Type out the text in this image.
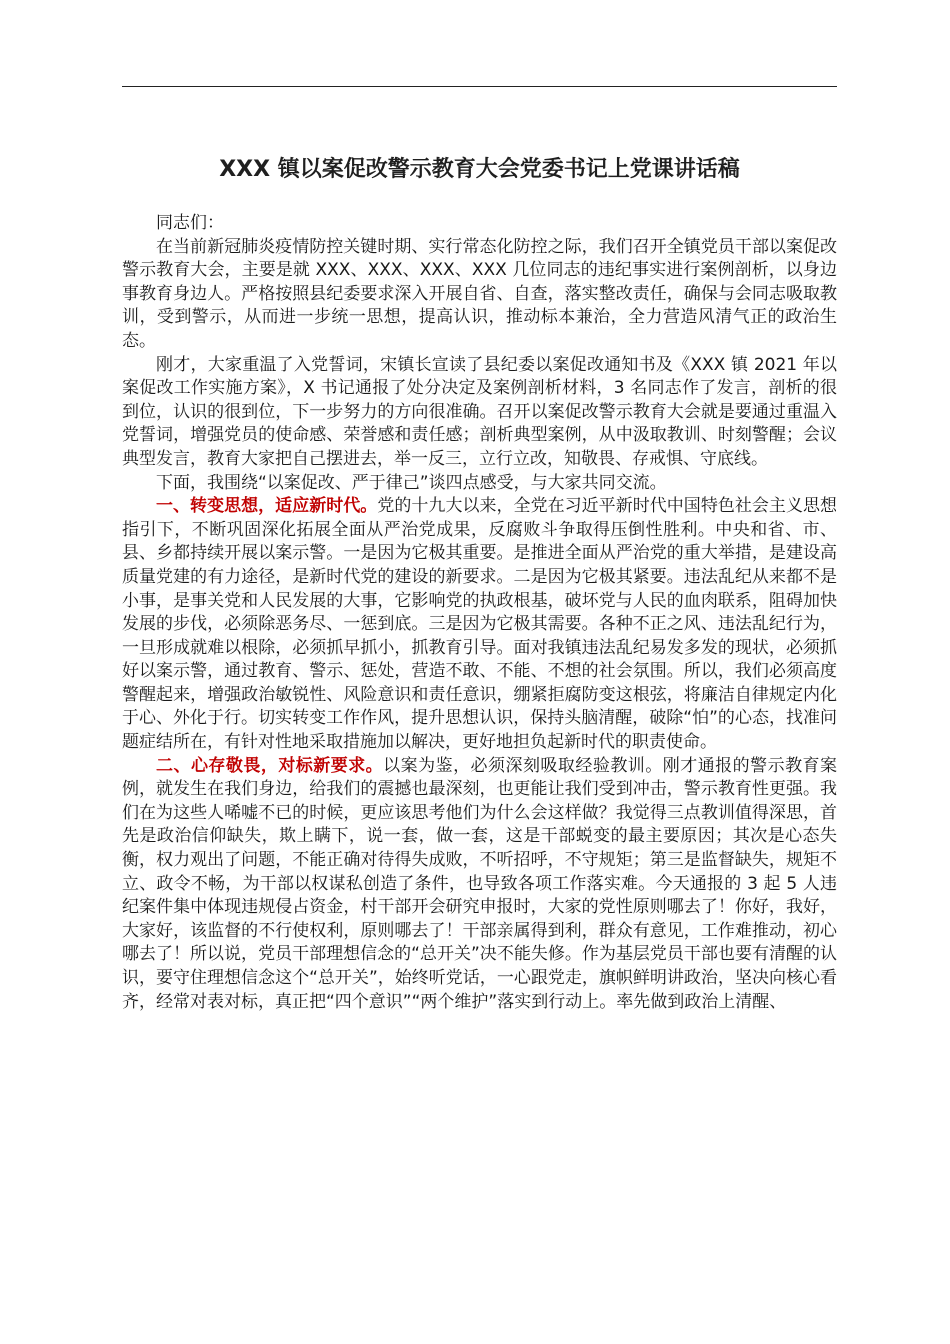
XXX 镇以案促改警示教育大会党委书记上党课讲话稿

同志们：

在当前新冠肺炎疫情防控关键时期、实行常态化防控之际，我们召开全镇党员干部以案促改警示教育大会，主要是就 XXX、XXX、XXX、XXX 几位同志的违纪事实进行案例剖析，以身边事教育身边人。严格按照县纪委要求深入开展自省、自查，落实整改责任，确保与会同志吸取教训，受到警示，从而进一步统一思想，提高认识，推动标本兼治，全力营造风清气正的政治生态。

刚才，大家重温了入党誓词，宋镇长宣读了县纪委以案促改通知书及《XXX 镇 2021 年以案促改工作实施方案》，X 书记通报了处分决定及案例剖析材料，3 名同志作了发言，剖析的很到位，认识的很到位，下一步努力的方向很准确。召开以案促改警示教育大会就是要通过重温入党誓词，增强党员的使命感、荣誉感和责任感；剖析典型案例，从中汲取教训、时刻警醒；会议典型发言，教育大家把自己摆进去，举一反三，立行立改，知敬畏、存戒惧、守底线。

下面，我围绕“以案促改、严于律己”谈四点感受，与大家共同交流。

一、转变思想，适应新时代。党的十九大以来，全党在习近平新时代中国特色社会主义思想指引下，不断巩固深化拓展全面从严治党成果，反腐败斗争取得压倒性胜利。中央和省、市、县、乡都持续开展以案示警。一是因为它极其重要。是推进全面从严治党的重大举措，是建设高质量党建的有力途径，是新时代党的建设的新要求。二是因为它极其紧要。违法乱纪从来都不是小事，是事关党和人民发展的大事，它影响党的执政根基，破坏党与人民的血肉联系，阻碍加快发展的步伐，必须除恶务尽、一惩到底。三是因为它极其需要。各种不正之风、违法乱纪行为，一旦形成就难以根除，必须抓早抓小，抓教育引导。面对我镇违法乱纪易发多发的现状，必须抓好以案示警，通过教育、警示、惩处，营造不敢、不能、不想的社会氛围。所以，我们必须高度警醒起来，增强政治敏锐性、风险意识和责任意识，绷紧拒腐防变这根弦，将廉洁自律规定内化于心、外化于行。切实转变工作作风，提升思想认识，保持头脑清醒，破除“怕”的心态，找准问题症结所在，有针对性地采取措施加以解决，更好地担负起新时代的职责使命。

二、心存敬畏，对标新要求。以案为鉴，必须深刻吸取经验教训。刚才通报的警示教育案例，就发生在我们身边，给我们的震撼也最深刻，也更能让我们受到冲击，警示教育性更强。我们在为这些人唏嘘不已的时候，更应该思考他们为什么会这样做？我觉得三点教训值得深思，首先是政治信仰缺失，欺上瞒下，说一套，做一套，这是干部蜕变的最主要原因；其次是心态失衡，权力观出了问题，不能正确对待得失成败，不听招呼，不守规矩；第三是监督缺失，规矩不立、政令不畅，为干部以权谋私创造了条件，也导致各项工作落实难。今天通报的 3 起 5 人违纪案件集中体现违规侵占资金，村干部开会研究申报时，大家的党性原则哪去了！你好，我好，大家好，该监督的不行使权利，原则哪去了！干部亲属得到利，群众有意见，工作难推动，初心哪去了！所以说，党员干部理想信念的“总开关”决不能失修。作为基层党员干部也要有清醒的认识，要守住理想信念这个“总开关”，始终听党话，一心跟党走，旗帜鲜明讲政治，坚决向核心看齐，经常对表对标，真正把“四个意识”“两个维护”落实到行动上。率先做到政治上清醒、
